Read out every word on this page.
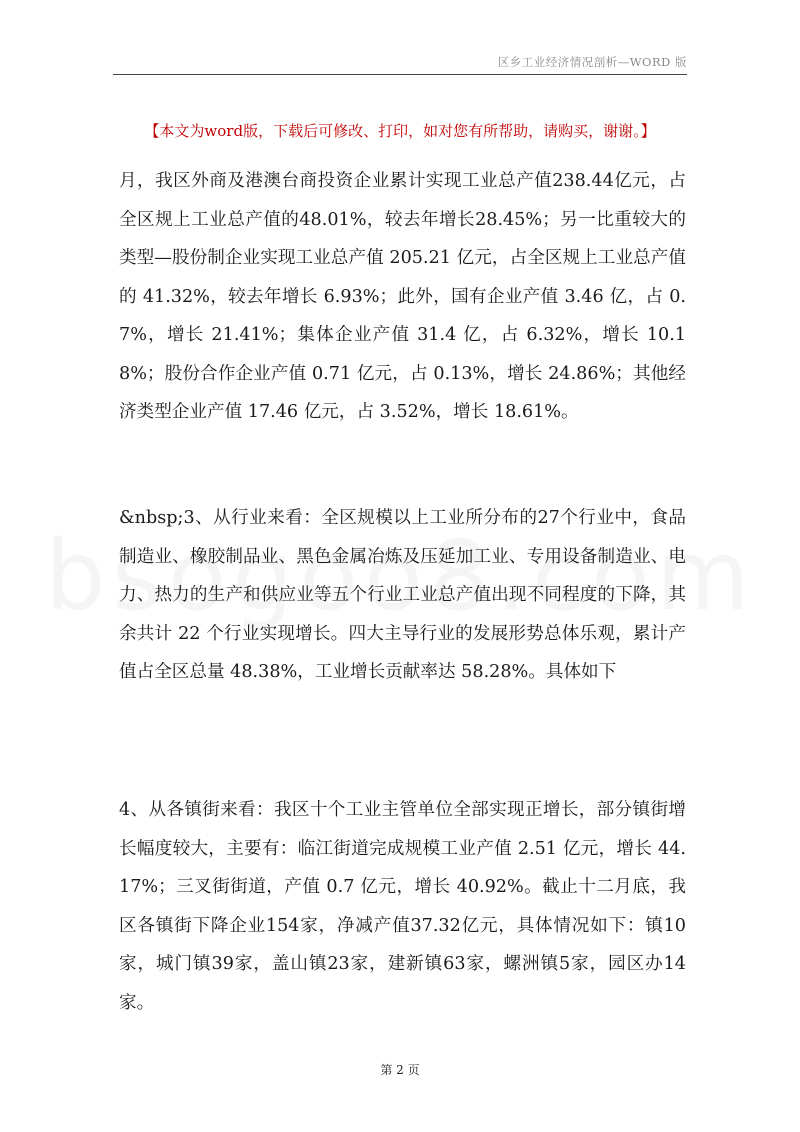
区乡工业经济情况剖析—WORD 版
【本文为word版，下载后可修改、打印，如对您有所帮助，请购买，谢谢。】
月，我区外商及港澳台商投资企业累计实现工业总产值238.44亿元，占全区规上工业总产值的48.01%，较去年增长28.45%；另一比重较大的类型—股份制企业实现工业总产值 205.21 亿元，占全区规上工业总产值的 41.32%，较去年增长 6.93%；此外，国有企业产值 3.46 亿，占 0.7%，增长 21.41%；集体企业产值 31.4 亿，占 6.32%，增长 10.18%；股份合作企业产值 0.71 亿元，占 0.13%，增长 24.86%；其他经济类型企业产值 17.46 亿元，占 3.52%，增长 18.61%。
&nbsp;3、从行业来看：全区规模以上工业所分布的27个行业中，食品制造业、橡胶制品业、黑色金属冶炼及压延加工业、专用设备制造业、电力、热力的生产和供应业等五个行业工业总产值出现不同程度的下降，其余共计 22 个行业实现增长。四大主导行业的发展形势总体乐观，累计产值占全区总量 48.38%，工业增长贡献率达 58.28%。具体如下
4、从各镇街来看：我区十个工业主管单位全部实现正增长，部分镇街增长幅度较大，主要有：临江街道完成规模工业产值 2.51 亿元，增长 44.17%；三叉街街道，产值 0.7 亿元，增长 40.92%。截止十二月底，我区各镇街下降企业154家，净减产值37.32亿元，具体情况如下：镇10家，城门镇39家，盖山镇23家，建新镇63家，螺洲镇5家，园区办14家。
第 2 页
